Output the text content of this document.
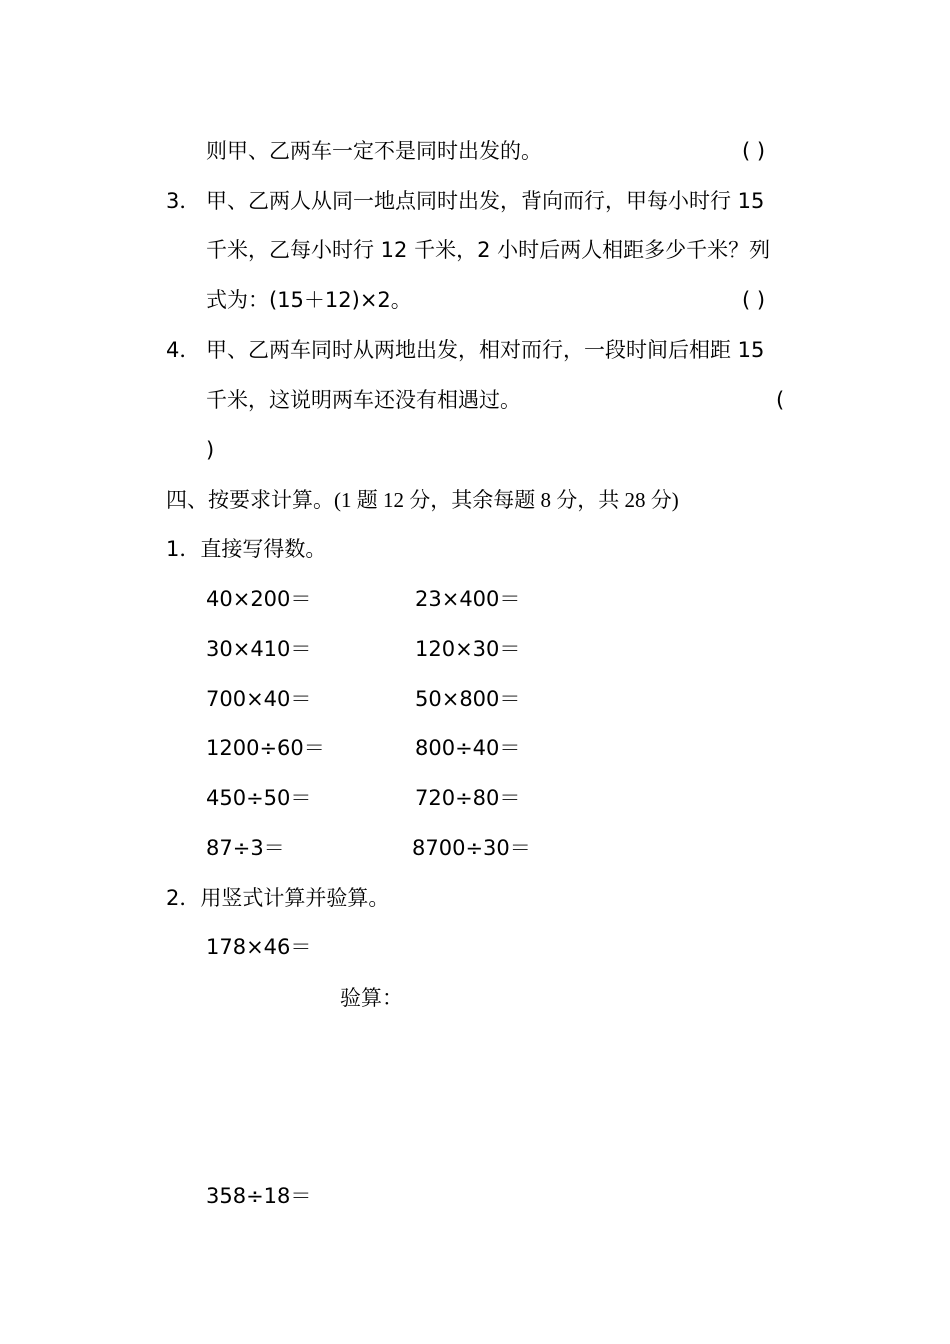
则甲、乙两车一定不是同时出发的。	( )
3． 甲、乙两人从同一地点同时出发，背向而行，甲每小时行 15
千米，乙每小时行 12 千米，2 小时后两人相距多少千米？列
式为：(15＋12)×2。	( )
4． 甲、乙两车同时从两地出发，相对而行，一段时间后相距 15
千米，这说明两车还没有相遇过。	(
)
四、按要求计算。(1 题 12 分，其余每题 8 分，共 28 分)
1．直接写得数。
40×200＝	23×400＝
30×410＝	120×30＝
700×40＝	50×800＝
1200÷60＝	800÷40＝
450÷50＝	720÷80＝
87÷3＝	8700÷30＝
2．用竖式计算并验算。
178×46＝
验算：
358÷18＝
